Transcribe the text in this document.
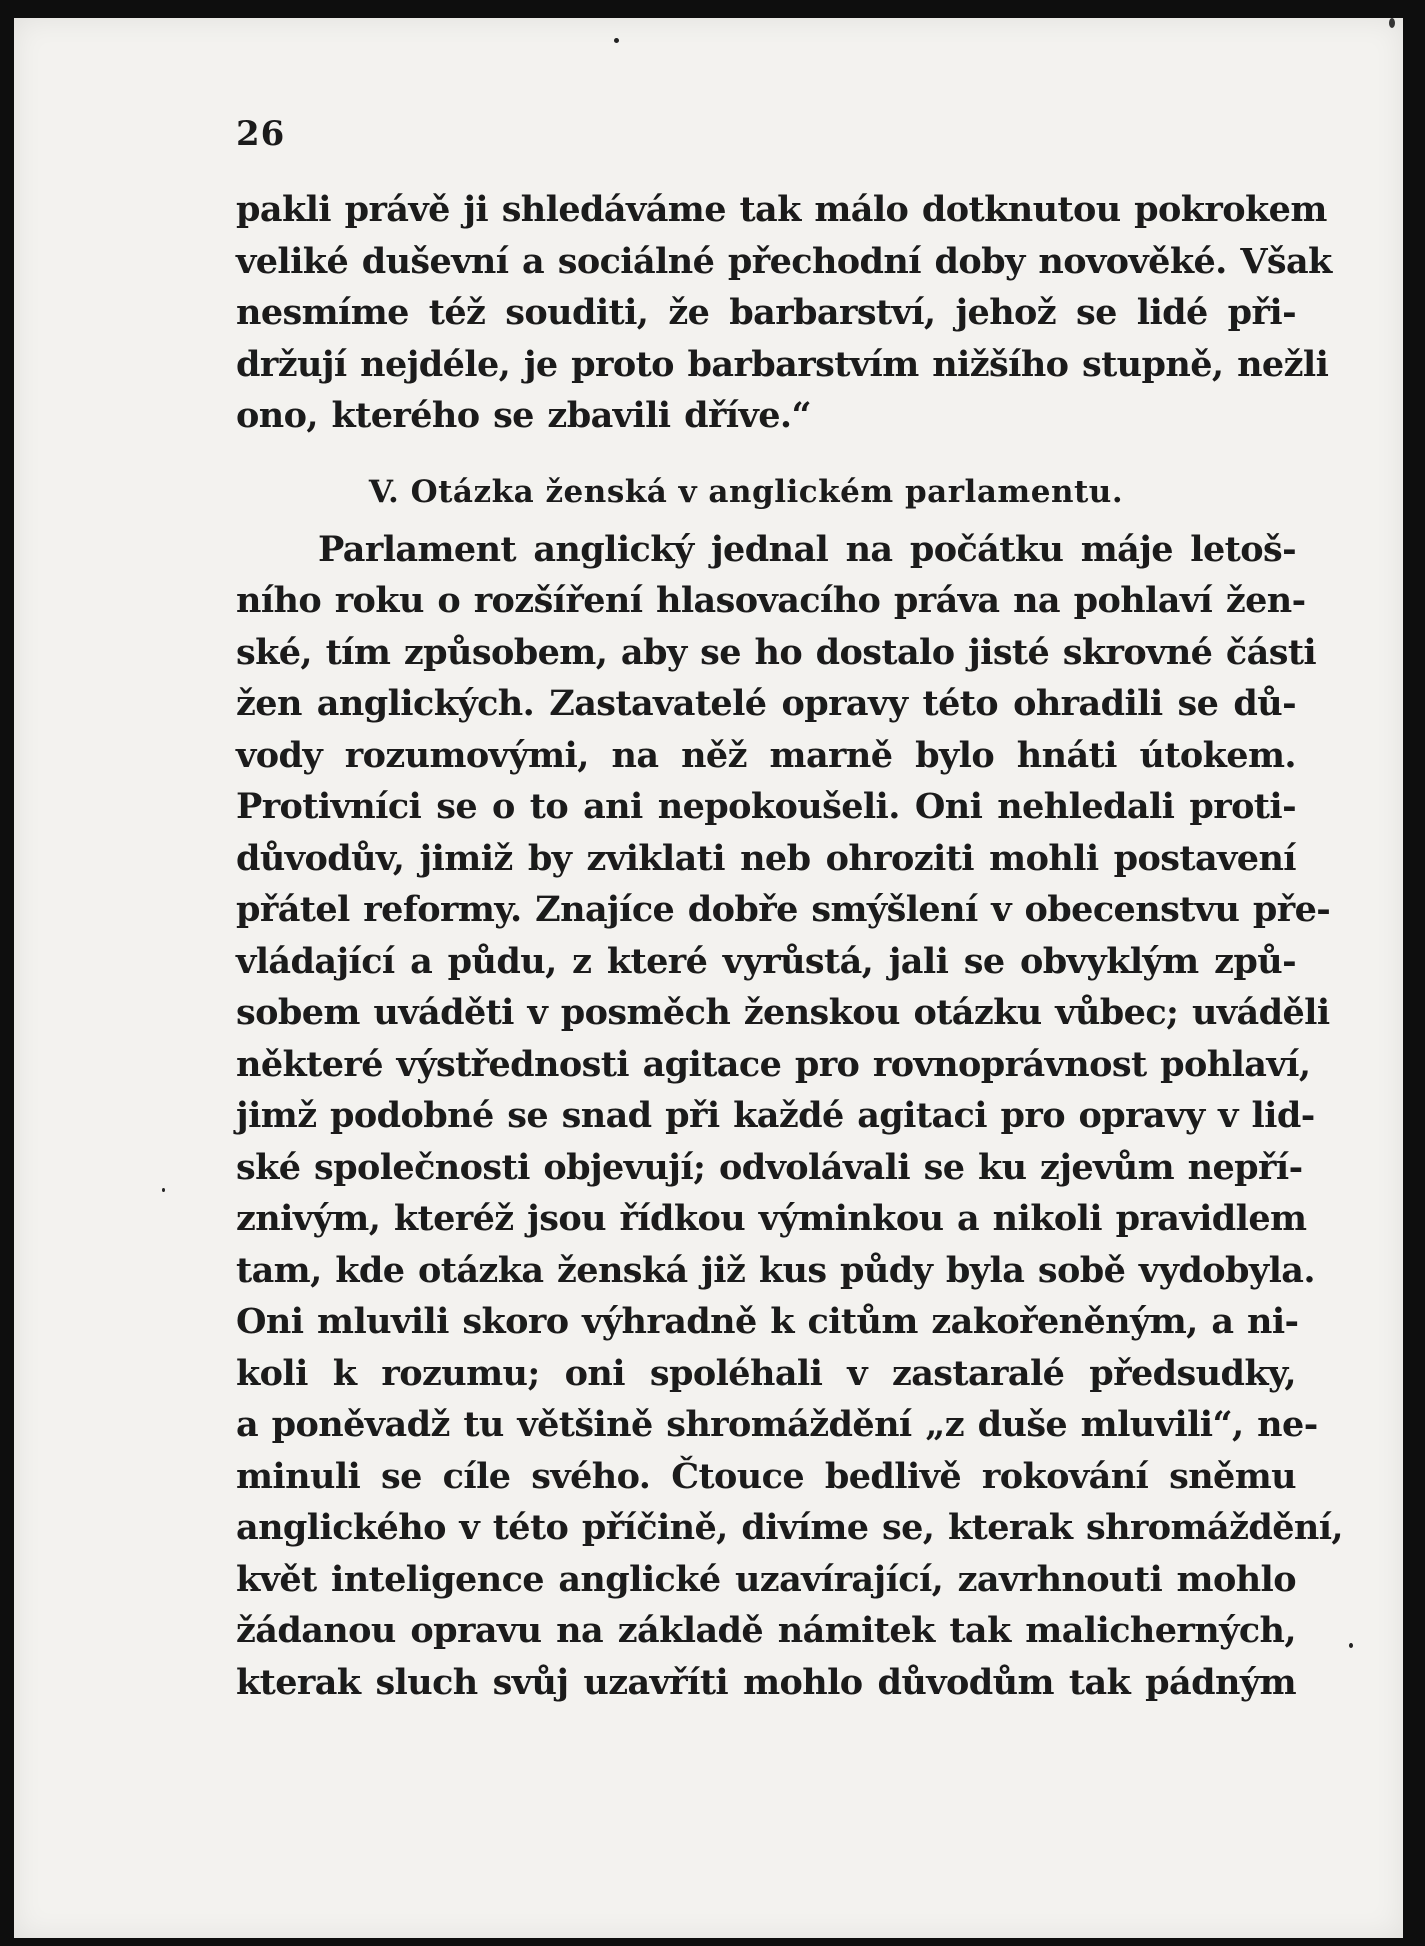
26
pakli právě ji shledáváme tak málo dotknutou pokrokem
veliké duševní a sociálné přechodní doby novověké. Však
nesmíme též souditi, že barbarství, jehož se lidé při-
držují nejdéle, je proto barbarstvím nižšího stupně, nežli
ono, kterého se zbavili dříve.“
V. Otázka ženská v anglickém parlamentu.
Parlament anglický jednal na počátku máje letoš-
ního roku o rozšíření hlasovacího práva na pohlaví žen-
ské, tím způsobem, aby se ho dostalo jisté skrovné části
žen anglických. Zastavatelé opravy této ohradili se dů-
vody rozumovými, na něž marně bylo hnáti útokem.
Protivníci se o to ani nepokoušeli. Oni nehledali proti-
důvodův, jimiž by zviklati neb ohroziti mohli postavení
přátel reformy. Znajíce dobře smýšlení v obecenstvu pře-
vládající a půdu, z které vyrůstá, jali se obvyklým způ-
sobem uváděti v posměch ženskou otázku vůbec; uváděli
některé výstřednosti agitace pro rovnoprávnost pohlaví,
jimž podobné se snad při každé agitaci pro opravy v lid-
ské společnosti objevují; odvolávali se ku zjevům nepří-
znivým, kteréž jsou řídkou výminkou a nikoli pravidlem
tam, kde otázka ženská již kus půdy byla sobě vydobyla.
Oni mluvili skoro výhradně k citům zakořeněným, a ni-
koli k rozumu; oni spoléhali v zastaralé předsudky,
a poněvadž tu většině shromáždění „z duše mluvili“, ne-
minuli se cíle svého. Čtouce bedlivě rokování sněmu
anglického v této příčině, divíme se, kterak shromáždění,
květ inteligence anglické uzavírající, zavrhnouti mohlo
žádanou opravu na základě námitek tak malicherných,
kterak sluch svůj uzavříti mohlo důvodům tak pádným
